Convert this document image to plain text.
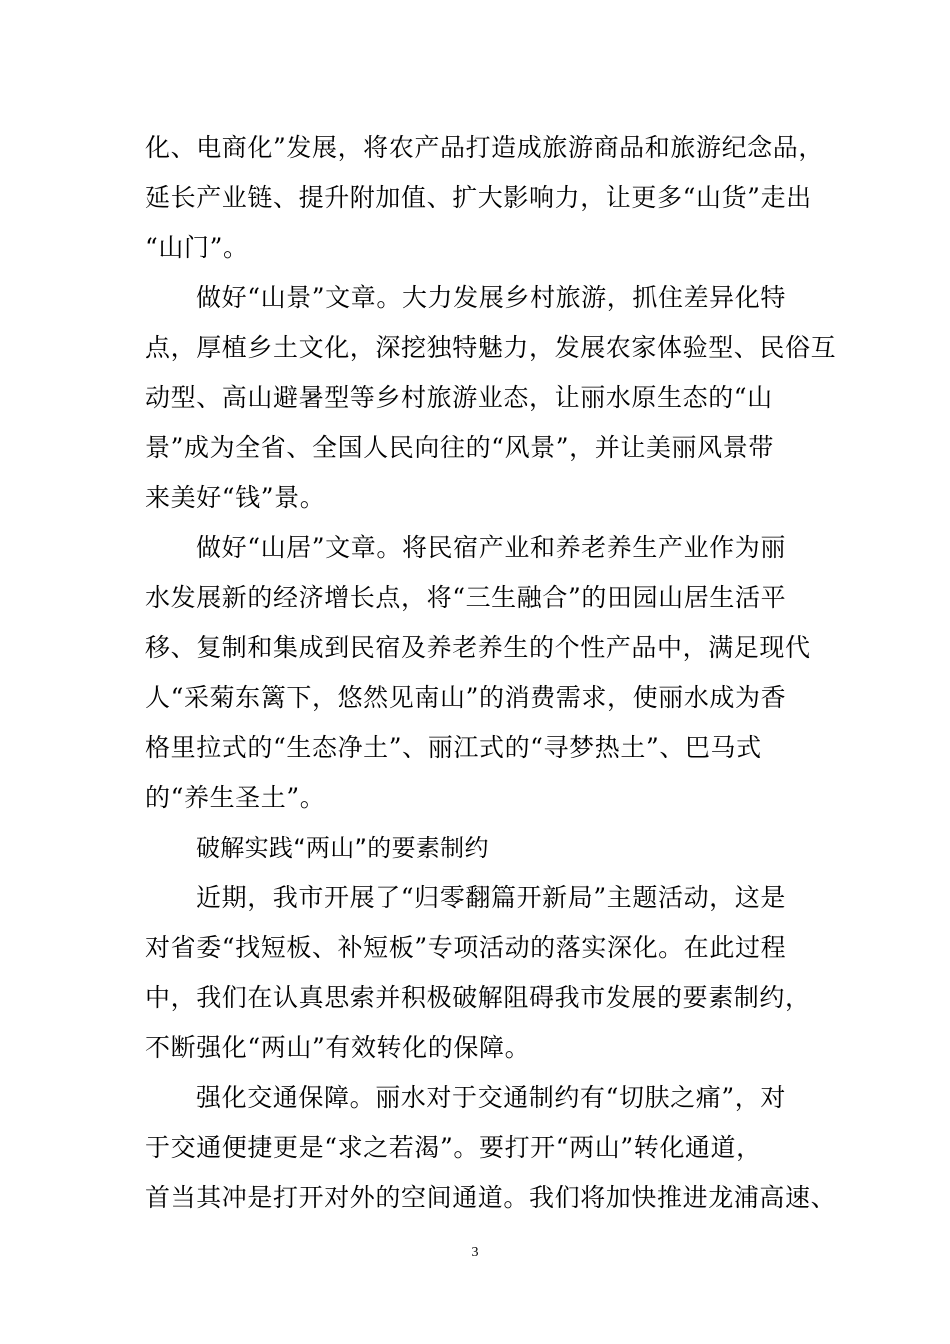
化、电商化”发展，将农产品打造成旅游商品和旅游纪念品，
延长产业链、提升附加值、扩大影响力，让更多“山货”走出
“山门”。
做好“山景”文章。大力发展乡村旅游，抓住差异化特
点，厚植乡土文化，深挖独特魅力，发展农家体验型、民俗互
动型、高山避暑型等乡村旅游业态，让丽水原生态的“山
景”成为全省、全国人民向往的“风景”，并让美丽风景带
来美好“钱”景。
做好“山居”文章。将民宿产业和养老养生产业作为丽
水发展新的经济增长点，将“三生融合”的田园山居生活平
移、复制和集成到民宿及养老养生的个性产品中，满足现代
人“采菊东篱下，悠然见南山”的消费需求，使丽水成为香
格里拉式的“生态净土”、丽江式的“寻梦热土”、巴马式
的“养生圣土”。
破解实践“两山”的要素制约
近期，我市开展了“归零翻篇开新局”主题活动，这是
对省委“找短板、补短板”专项活动的落实深化。在此过程
中，我们在认真思索并积极破解阻碍我市发展的要素制约，
不断强化“两山”有效转化的保障。
强化交通保障。丽水对于交通制约有“切肤之痛”，对
于交通便捷更是“求之若渴”。要打开“两山”转化通道，
首当其冲是打开对外的空间通道。我们将加快推进龙浦高速、
3
